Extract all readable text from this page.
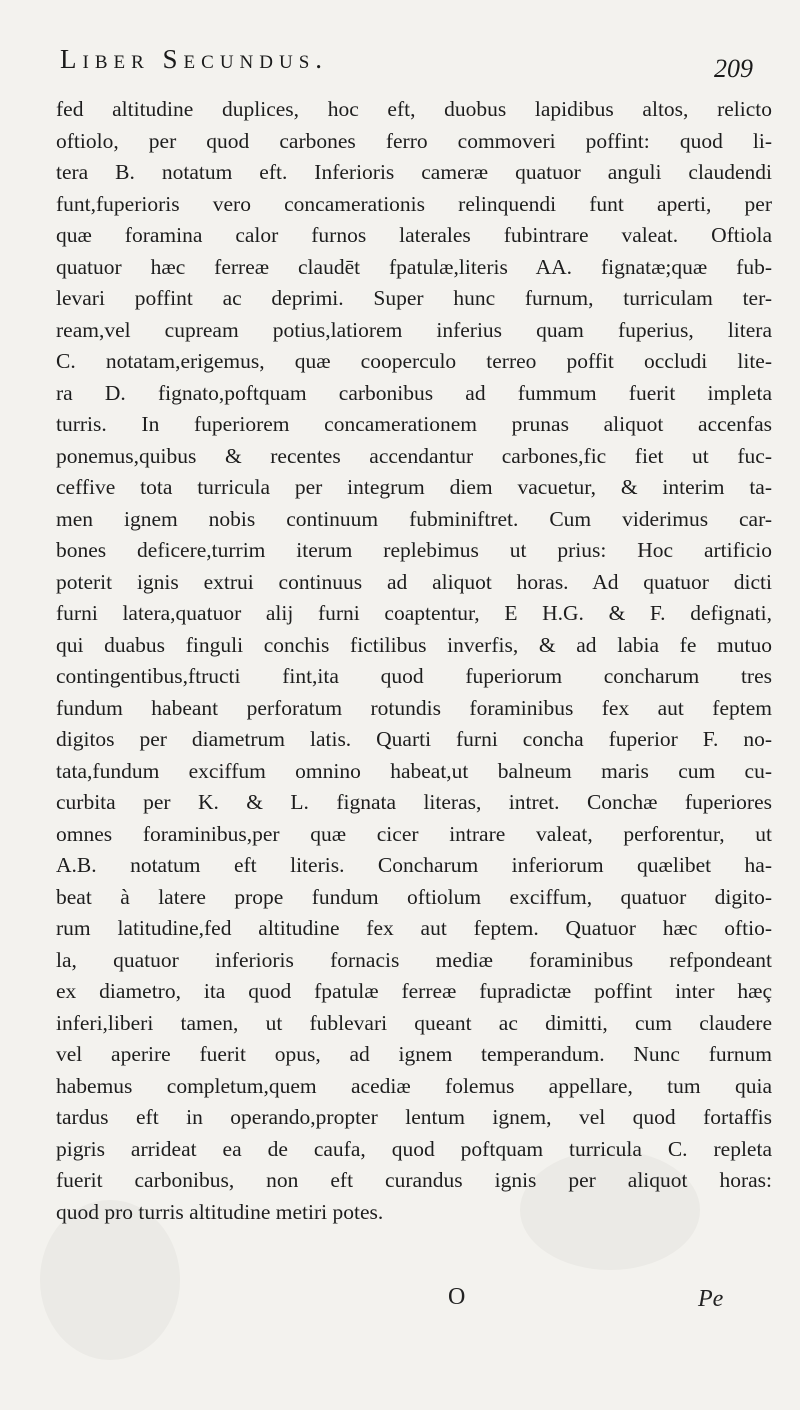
Liber Secundus.	209
fed altitudine duplices, hoc eft, duobus lapidibus altos, relicto
oftiolo, per quod carbones ferro commoveri poffint: quod li-
tera B. notatum eft. Inferioris cameræ quatuor anguli claudendi
funt,fuperioris vero concamerationis relinquendi funt aperti, per
quæ foramina calor furnos laterales fubintrare valeat. Oftiola
quatuor hæc ferreæ claudēt fpatulæ,literis AA. fignatæ;quæ fub-
levari poffint ac deprimi. Super hunc furnum, turriculam ter-
ream,vel cupream potius,latiorem inferius quam fuperius, litera
C. notatam,erigemus, quæ cooperculo terreo poffit occludi lite-
ra D. fignato,poftquam carbonibus ad fummum fuerit impleta
turris. In fuperiorem concamerationem prunas aliquot accenfas
ponemus,quibus & recentes accendantur carbones,fic fiet ut fuc-
ceffive tota turricula per integrum diem vacuetur, & interim ta-
men ignem nobis continuum fubminiftret. Cum viderimus car-
bones deficere,turrim iterum replebimus ut prius: Hoc artificio
poterit ignis extrui continuus ad aliquot horas. Ad quatuor dicti
furni latera,quatuor alij furni coaptentur, E H.G. & F. defignati,
qui duabus finguli conchis fictilibus inverfis, & ad labia fe mutuo
contingentibus,ftructi fint,ita quod fuperiorum concharum tres
fundum habeant perforatum rotundis foraminibus fex aut feptem
digitos per diametrum latis. Quarti furni concha fuperior F. no-
tata,fundum exciffum omnino habeat,ut balneum maris cum cu-
curbita per K. & L. fignata literas, intret. Conchæ fuperiores
omnes foraminibus,per quæ cicer intrare valeat, perforentur, ut
A.B. notatum eft literis. Concharum inferiorum quælibet ha-
beat à latere prope fundum oftiolum exciffum, quatuor digito-
rum latitudine,fed altitudine fex aut feptem. Quatuor hæc oftio-
la, quatuor inferioris fornacis mediæ foraminibus refpondeant
ex diametro, ita quod fpatulæ ferreæ fupradictæ poffint inter hæç
inferi,liberi tamen, ut fublevari queant ac dimitti, cum claudere
vel aperire fuerit opus, ad ignem temperandum. Nunc furnum
habemus completum,quem acediæ folemus appellare, tum quia
tardus eft in operando,propter lentum ignem, vel quod fortaffis
pigris arrideat ea de caufa, quod poftquam turricula C. repleta
fuerit carbonibus, non eft curandus ignis per aliquot horas:
quod pro turris altitudine metiri potes.
O	Pe
